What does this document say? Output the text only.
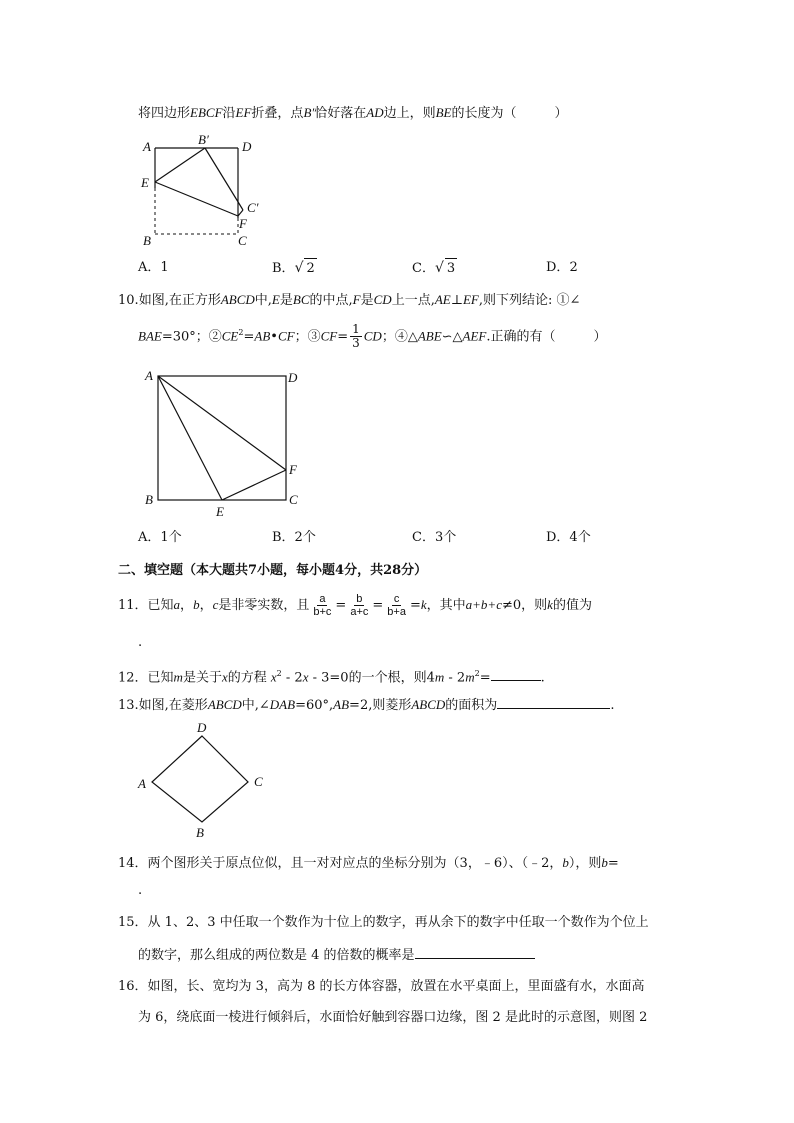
将四边形EBCF沿EF折叠，点B′恰好落在AD边上，则BE的长度为（	）
A	B′	D
E
C′
F
B	C
A．1	B．√ 2	C．√ 3	D．2
10.如图,在正方形ABCD中,E是BC的中点,F是CD上一点,AE⊥EF,则下列结论: ①∠
BAE=30°；$②CE^2=AB•CF$；③CF= $\frac{1}{3}$ CD；④△ABE∽△AEF.正确的有（	）
A	D
F
B
E
C
A．1个	B．2个	C．3个	D．4个
二、填空题（本大题共7小题，每小题4分，共28分）
11．已知a，b，c是非零实数，且 $\frac{a}{b+c} = \frac{b}{a+c} = \frac{c}{b+a} =k$，其中a+b+c≠0，则k的值为
.
12．已知m是关于x的方程 $x^2 - 2x - 3=0$的一个根，则$4m - 2m^2=$	.
13.如图,在菱形ABCD中,∠DAB=60°,AB=2,则菱形ABCD的面积为	.
D
A	C
B
14．两个图形关于原点位似，且一对对应点的坐标分别为（3，﹣6）、（﹣2，b），则b=
.
15．从 1、2、3 中任取一个数作为十位上的数字，再从余下的数字中任取一个数作为个位上
的数字，那么组成的两位数是 4 的倍数的概率是
16．如图，长、宽均为 3，高为 8 的长方体容器，放置在水平桌面上，里面盛有水，水面高
为 6，绕底面一棱进行倾斜后，水面恰好触到容器口边缘，图 2 是此时的示意图，则图 2
